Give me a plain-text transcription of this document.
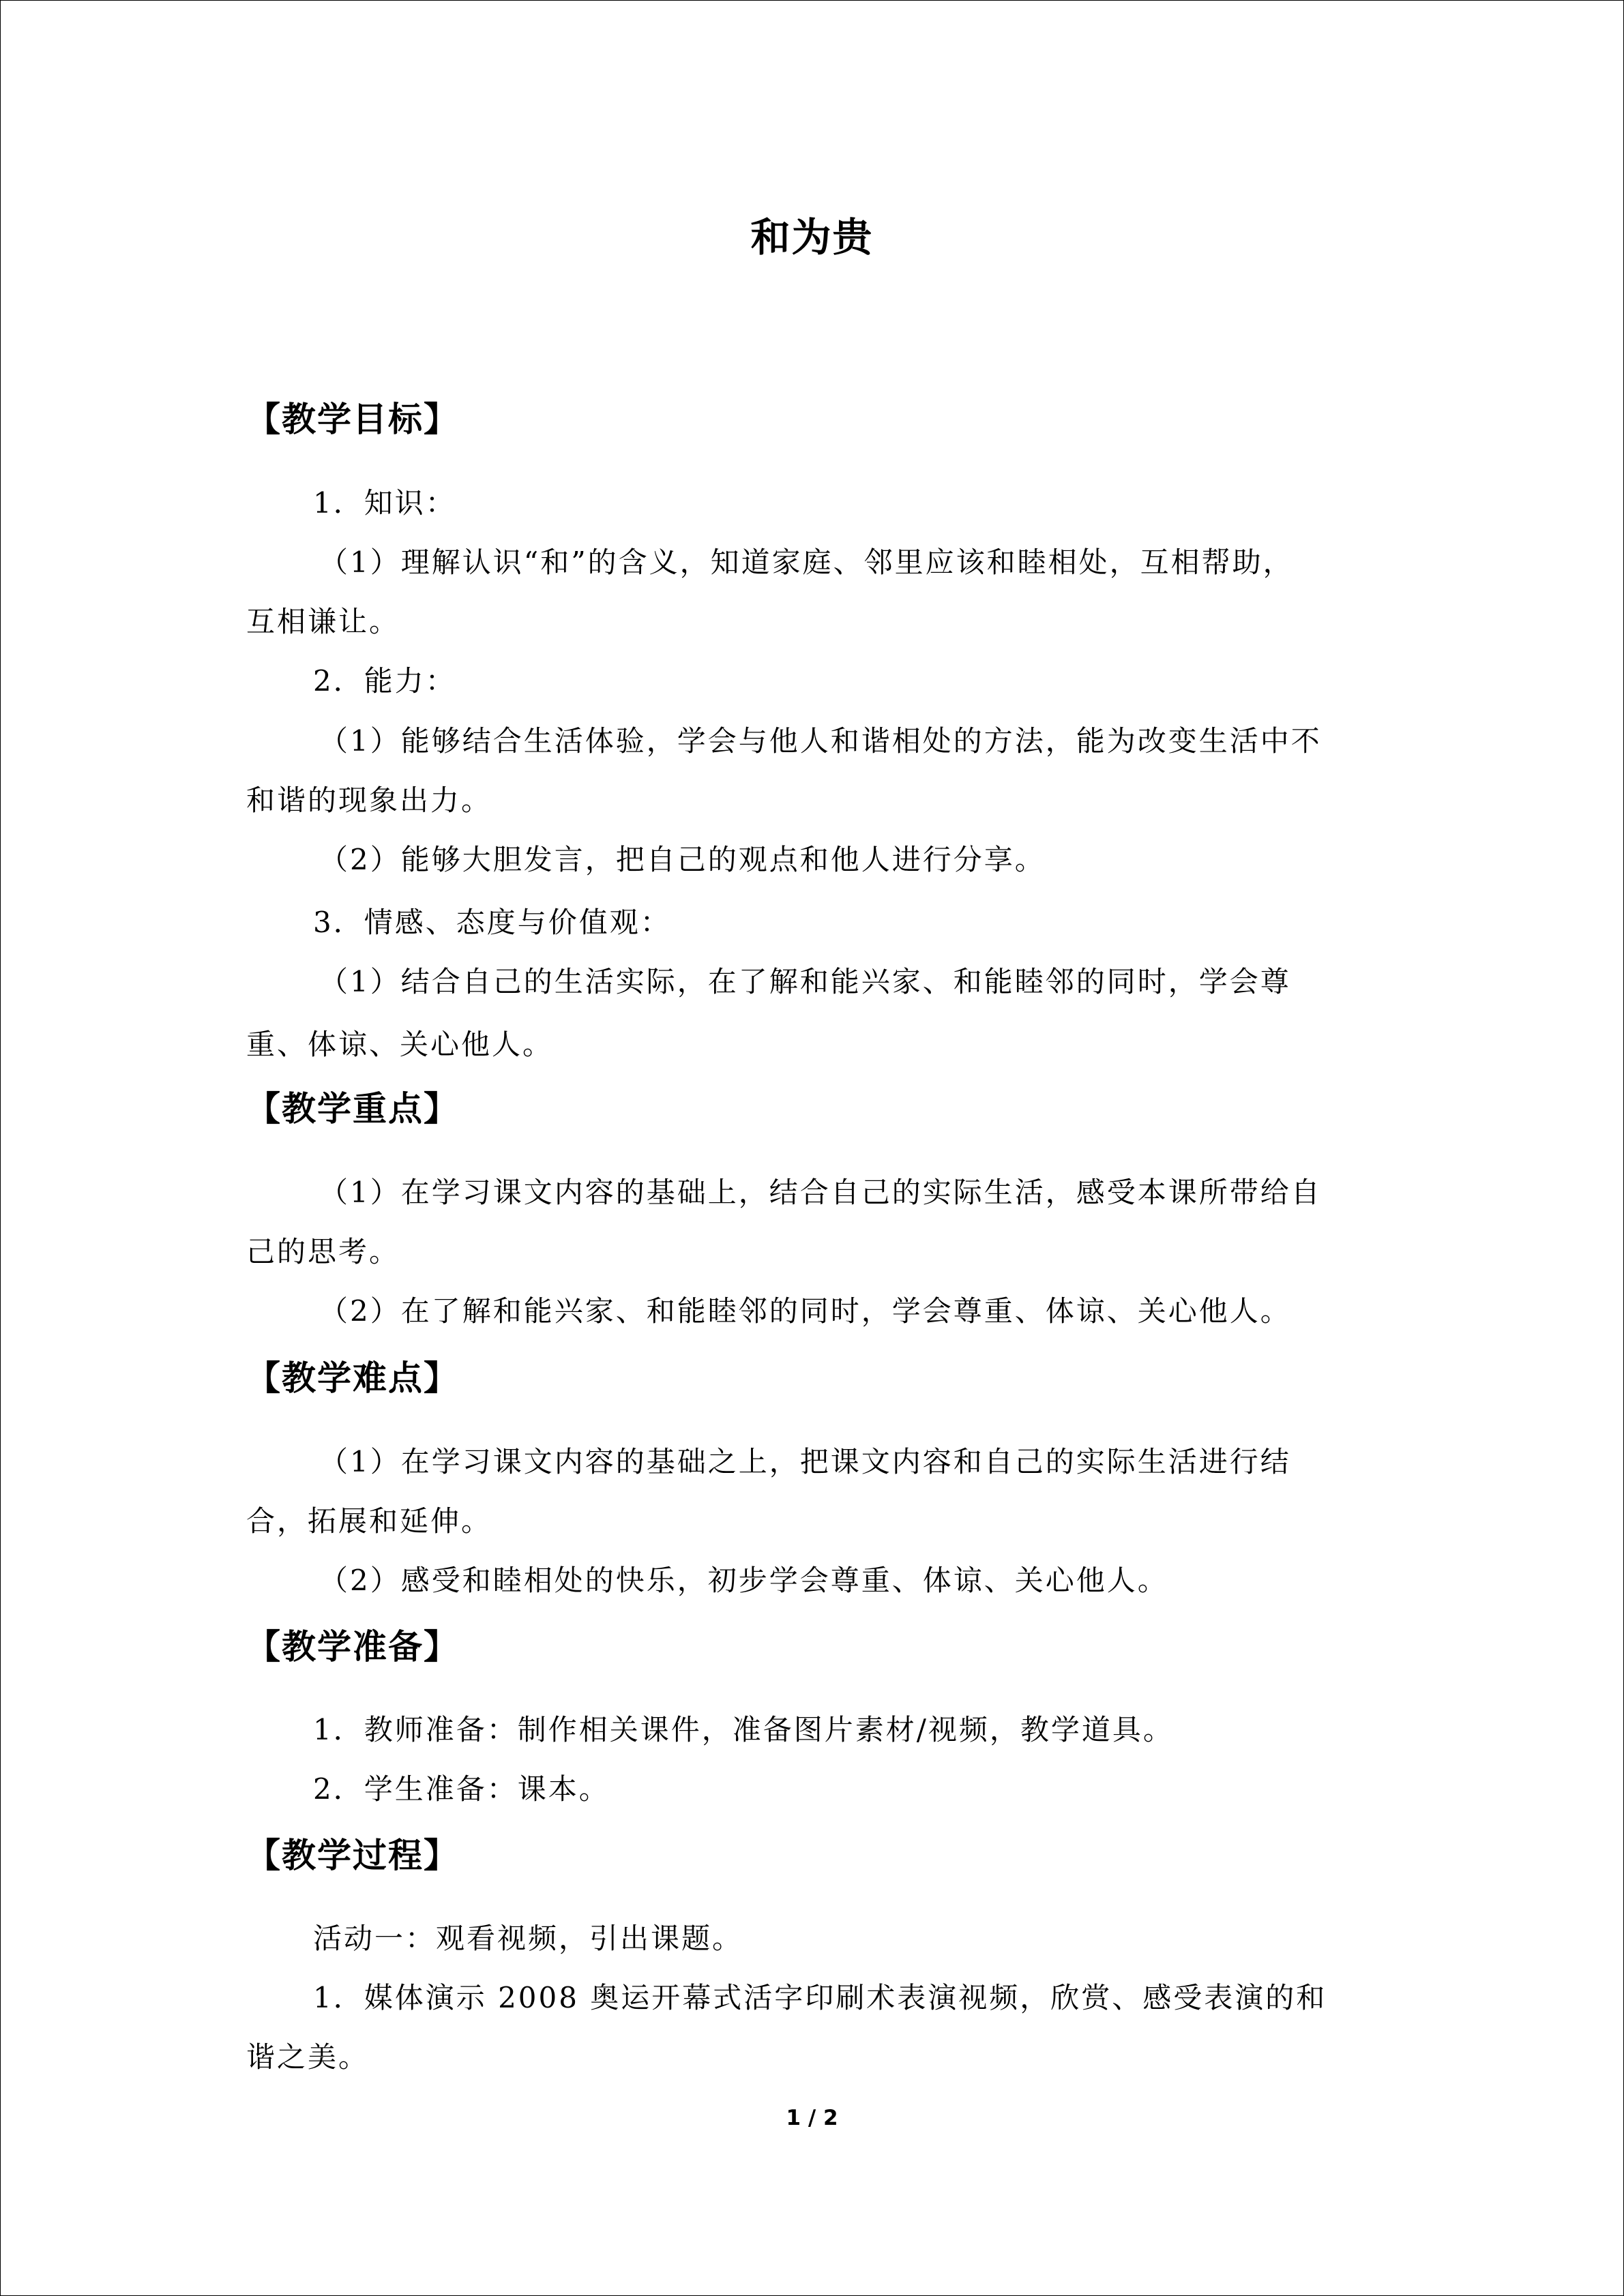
和为贵
【教学目标】
1．知识：
（1）理解认识“和”的含义，知道家庭、邻里应该和睦相处，互相帮助，
互相谦让。
2．能力：
（1）能够结合生活体验，学会与他人和谐相处的方法，能为改变生活中不
和谐的现象出力。
（2）能够大胆发言，把自己的观点和他人进行分享。
3．情感、态度与价值观：
（1）结合自己的生活实际，在了解和能兴家、和能睦邻的同时，学会尊
重、体谅、关心他人。
【教学重点】
（1）在学习课文内容的基础上，结合自己的实际生活，感受本课所带给自
己的思考。
（2）在了解和能兴家、和能睦邻的同时，学会尊重、体谅、关心他人。
【教学难点】
（1）在学习课文内容的基础之上，把课文内容和自己的实际生活进行结
合，拓展和延伸。
（2）感受和睦相处的快乐，初步学会尊重、体谅、关心他人。
【教学准备】
1．教师准备：制作相关课件，准备图片素材/视频，教学道具。
2．学生准备：课本。
【教学过程】
活动一：观看视频，引出课题。
1．媒体演示 2008 奥运开幕式活字印刷术表演视频，欣赏、感受表演的和
谐之美。
1 / 2
